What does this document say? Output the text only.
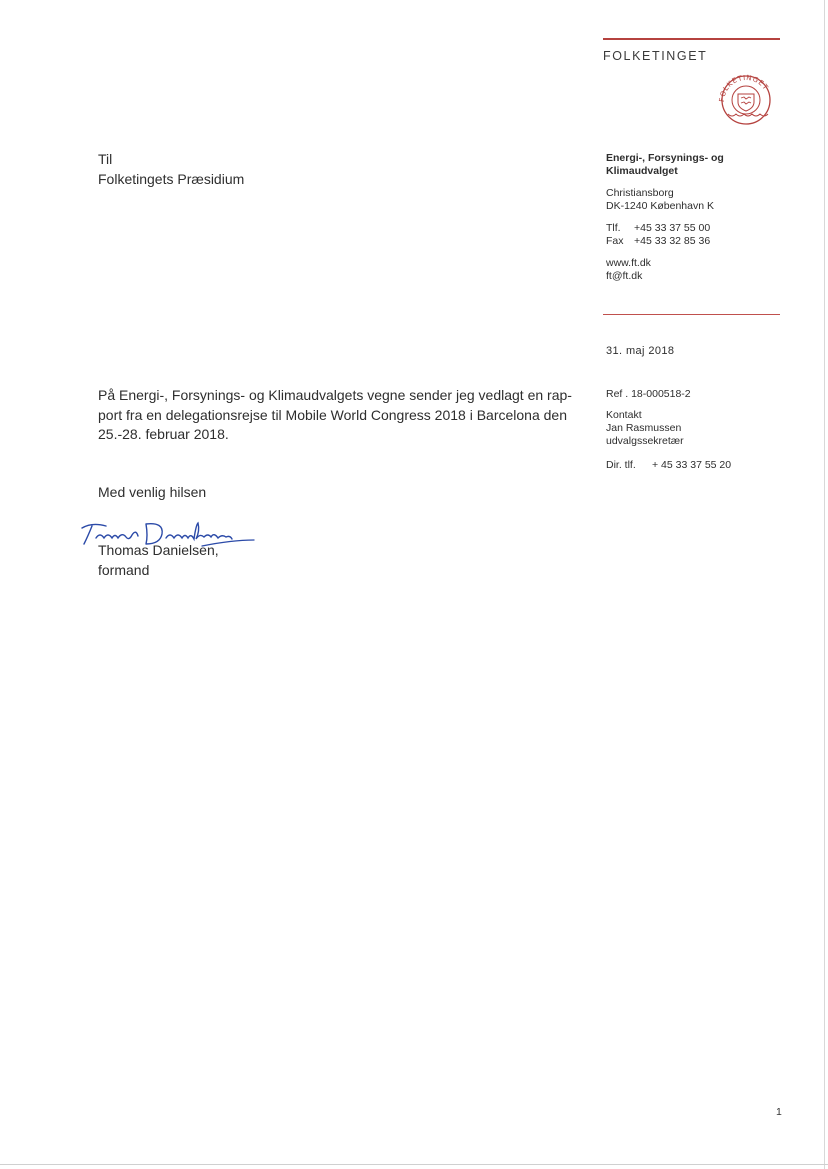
FOLKETINGET
FOLKETINGET
Energi-, Forsynings- og
Klimaudvalget
Christiansborg
DK-1240 København K
Tlf. +45 33 37 55 00
Fax +45 33 32 85 36
www.ft.dk
ft@ft.dk
31. maj 2018
Ref . 18-000518-2
Kontakt
Jan Rasmussen
udvalgssekretær
Dir. tlf. + 45 33 37 55 20
Til
Folketingets Præsidium
På Energi-, Forsynings- og Klimaudvalgets vegne sender jeg vedlagt en rap-
port fra en delegationsrejse til Mobile World Congress 2018 i Barcelona den
25.-28. februar 2018.
Med venlig hilsen
Thomas Danielsen,
formand
1
